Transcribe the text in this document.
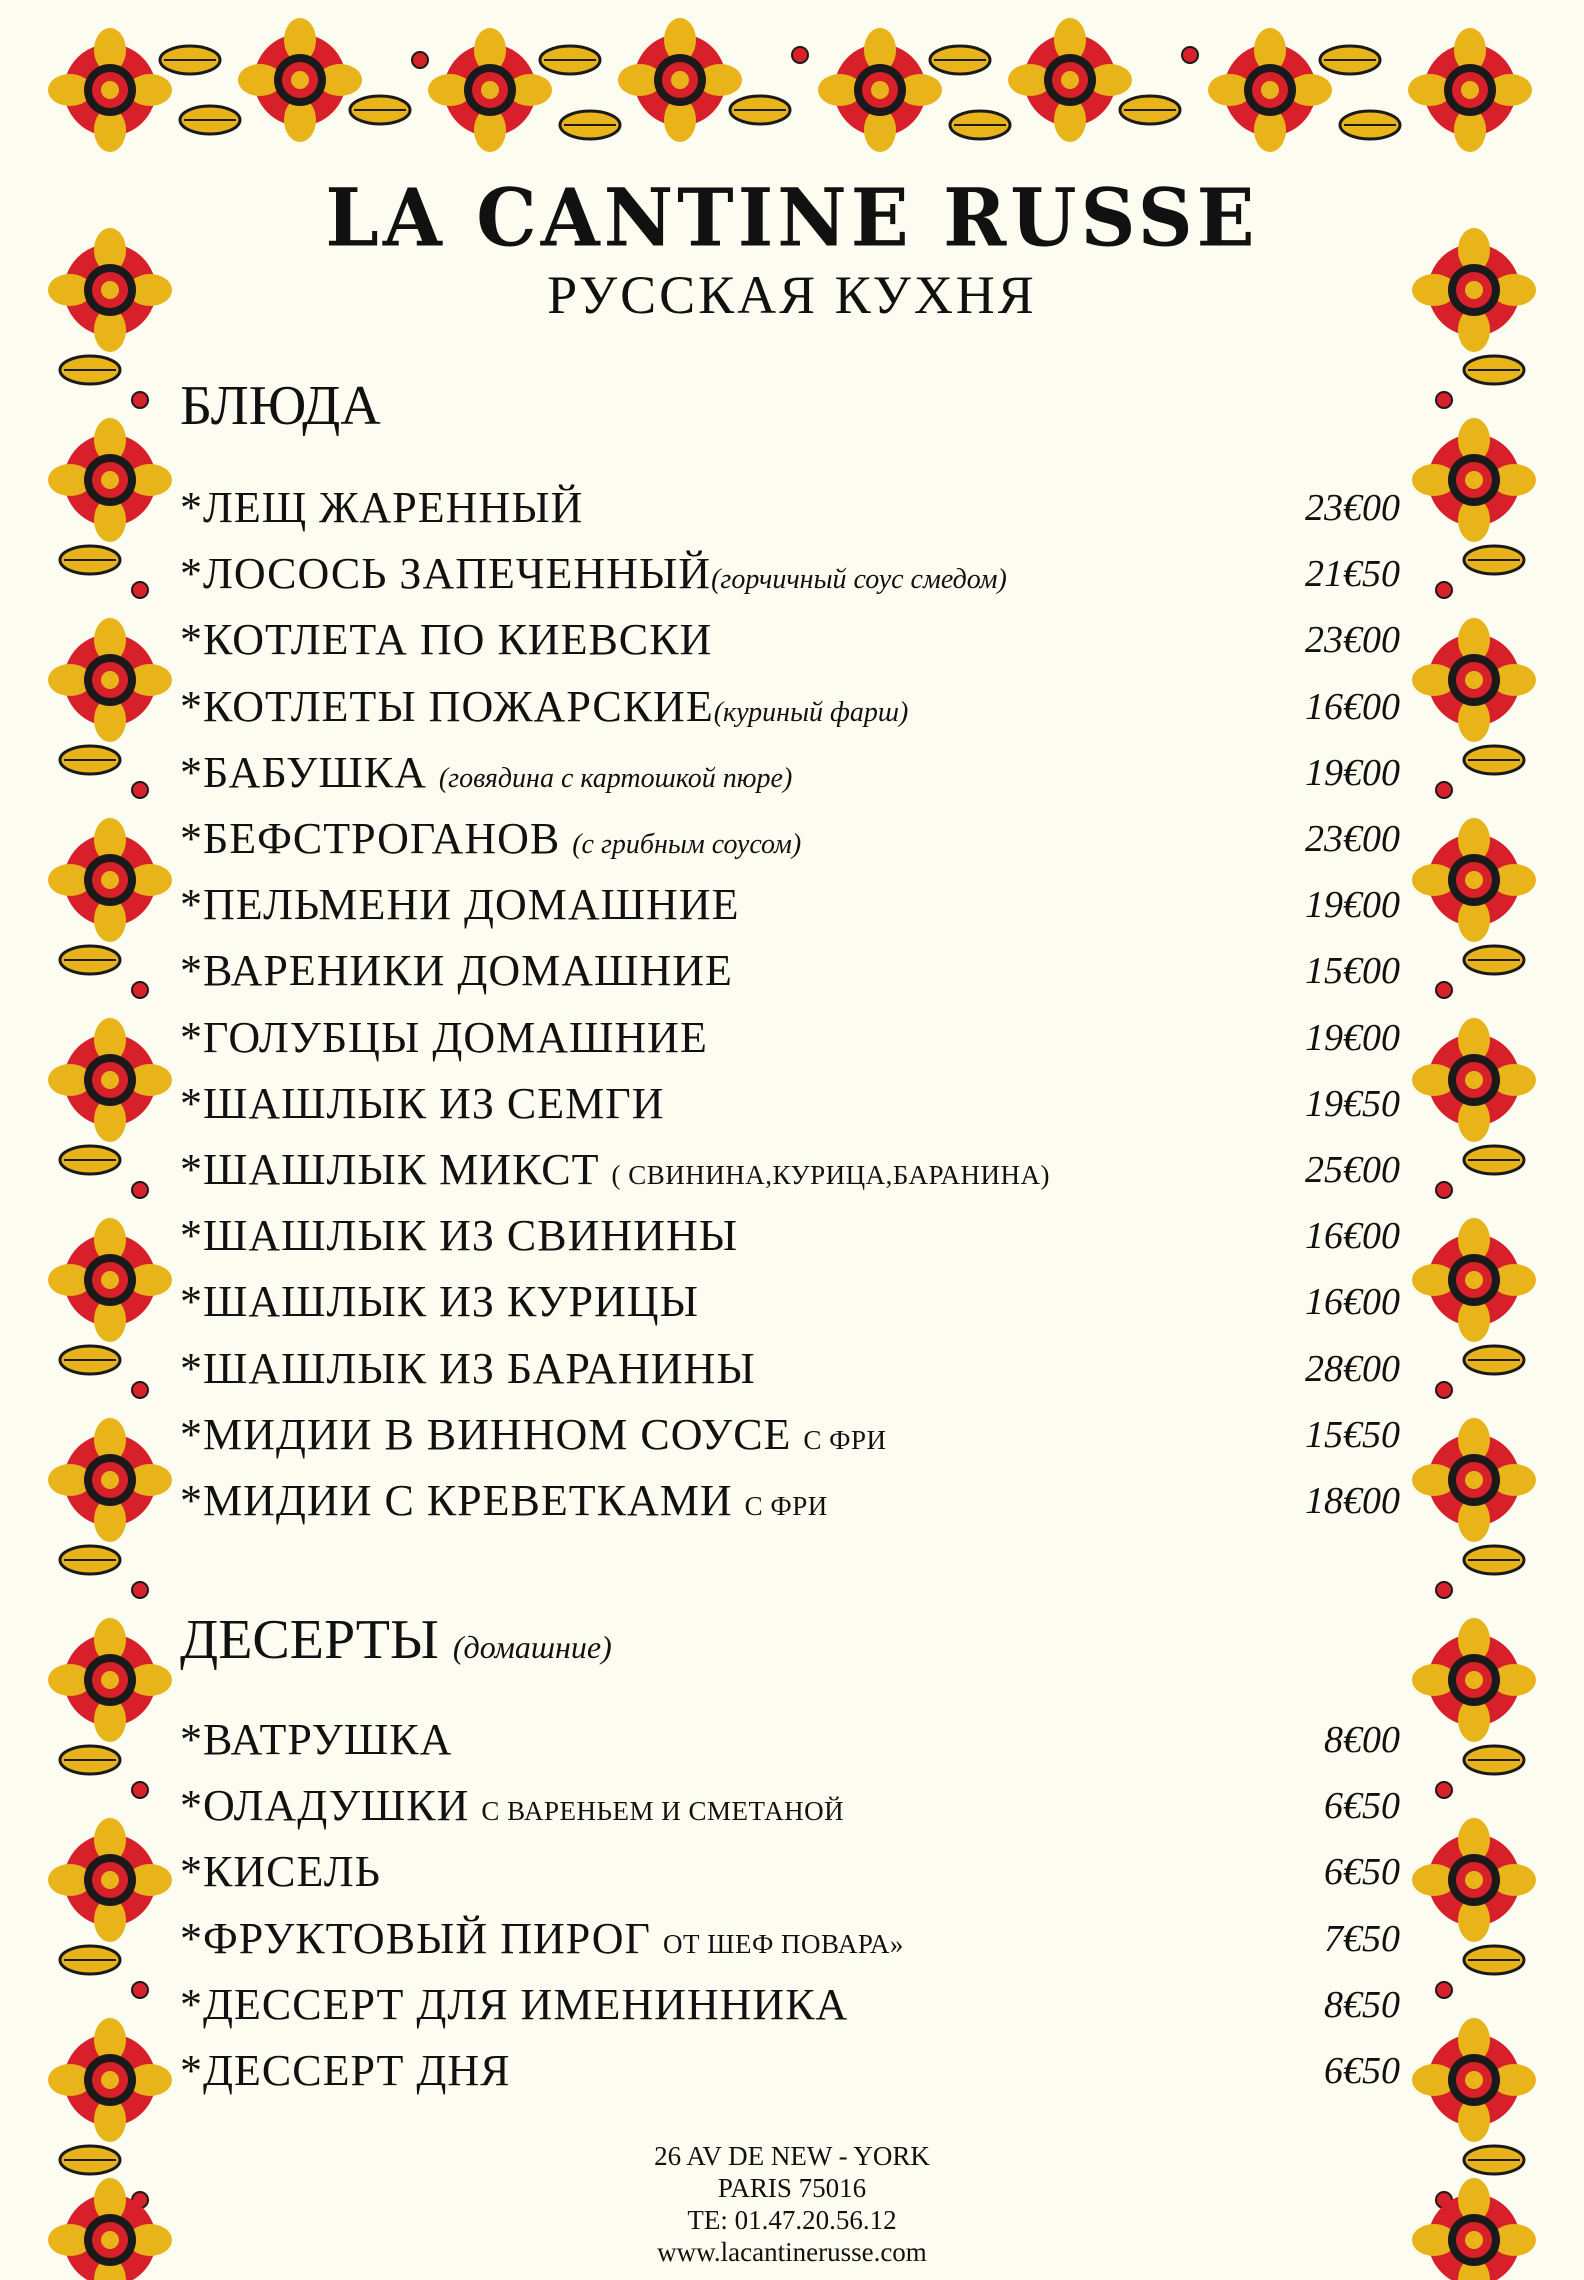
LA CANTINE RUSSE
РУССКАЯ КУХНЯ
БЛЮДА
*ЛЕЩ ЖАРЕННЫЙ	23€00
*ЛОСОСЬ ЗАПЕЧЕННЫЙ(горчичный соус смедом)	21€50
*КОТЛЕТА ПО КИЕВСКИ	23€00
*КОТЛЕТЫ ПОЖАРСКИЕ(куриный фарш)	16€00
*БАБУШКА (говядина с картошкой пюре)	19€00
*БЕФСТРОГАНОВ (с грибным соусом)	23€00
*ПЕЛЬМЕНИ ДОМАШНИЕ	19€00
*ВАРЕНИКИ ДОМАШНИЕ	15€00
*ГОЛУБЦЫ ДОМАШНИЕ	19€00
*ШАШЛЫК ИЗ СЕМГИ	19€50
*ШАШЛЫК МИКСТ ( СВИНИНА,КУРИЦА,БАРАНИНА)	25€00
*ШАШЛЫК ИЗ СВИНИНЫ	16€00
*ШАШЛЫК ИЗ КУРИЦЫ	16€00
*ШАШЛЫК ИЗ БАРАНИНЫ	28€00
*МИДИИ В ВИННОМ СОУСЕ С ФРИ	15€50
*МИДИИ С КРЕВЕТКАМИ С ФРИ	18€00
ДЕСЕРТЫ (домашние)
*ВАТРУШКА	8€00
*ОЛАДУШКИ С ВАРЕНЬЕМ И СМЕТАНОЙ	6€50
*КИСЕЛЬ	6€50
*ФРУКТОВЫЙ ПИРОГ ОТ ШЕФ ПОВАРА»	7€50
*ДЕССЕРТ ДЛЯ ИМЕНИННИКА	8€50
*ДЕССЕРТ ДНЯ	6€50
26 AV DE NEW - YORK
PARIS 75016
TE: 01.47.20.56.12
www.lacantinerusse.com
